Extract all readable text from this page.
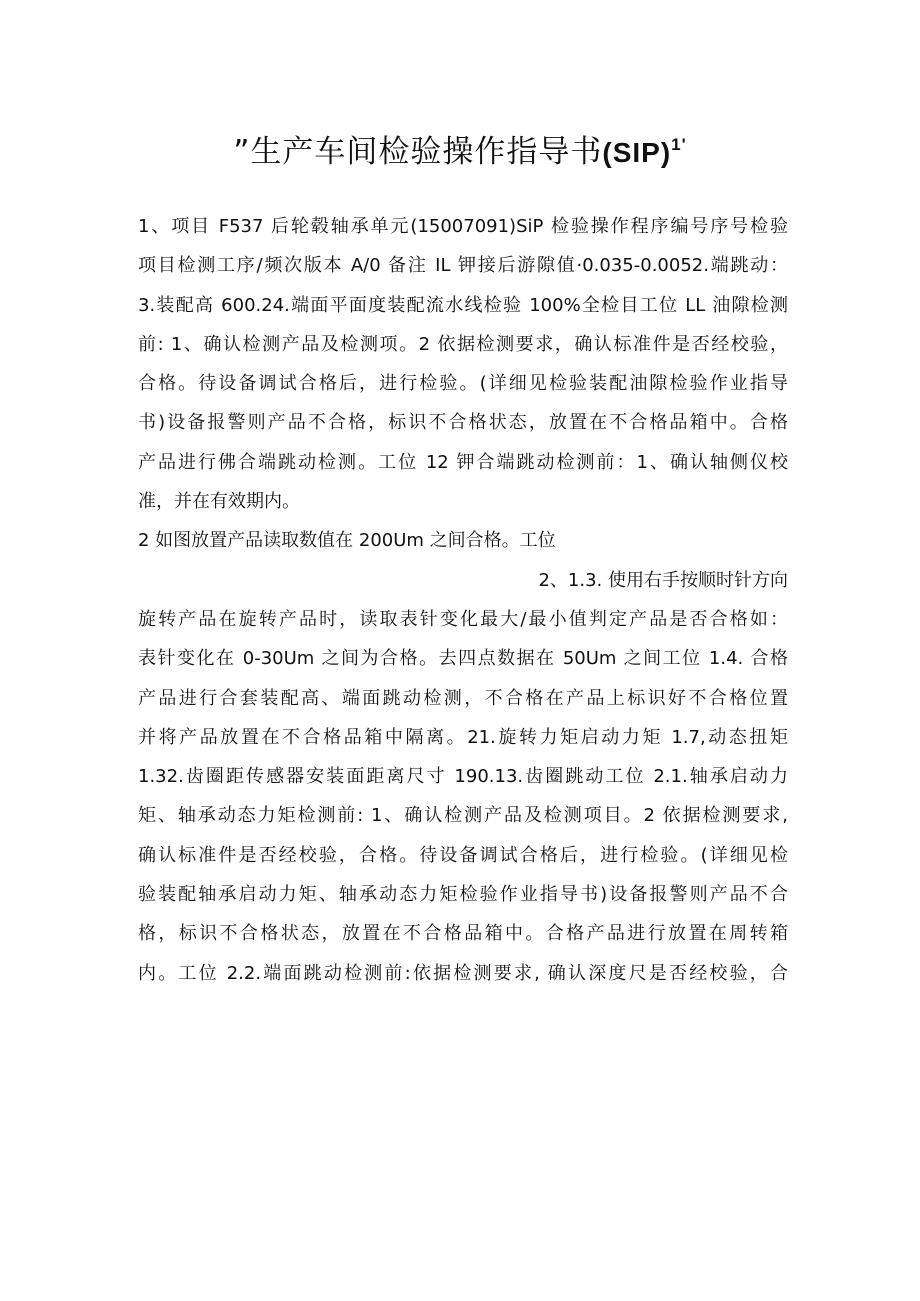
”生产车间检验操作指导书(SIP)$^{1'}$
1、项目 F537 后轮毂轴承单元(15007091)SiP 检验操作程序编号序号检验
项目检测工序/频次版本 A/0 备注 IL 钾接后游隙值·0.035-0.0052.端跳动：
3.装配高 600.24.端面平面度装配流水线检验 100%全检目工位 LL 油隙检测
前: 1、确认检测产品及检测项。2 依据检测要求，确认标准件是否经校验，
合格。待设备调试合格后，进行检验。(详细见检验装配油隙检验作业指导
书)设备报警则产品不合格，标识不合格状态，放置在不合格品箱中。合格
产品进行佛合端跳动检测。工位 12 钾合端跳动检测前：1、确认轴侧仪校
准，并在有效期内。
2 如图放置产品读取数值在 200Um 之间合格。工位
2、1.3. 使用右手按顺时针方向
旋转产品在旋转产品时，读取表针变化最大/最小值判定产品是否合格如：
表针变化在 0-30Um 之间为合格。去四点数据在 50Um 之间工位 1.4. 合格
产品进行合套装配高、端面跳动检测，不合格在产品上标识好不合格位置
并将产品放置在不合格品箱中隔离。21.旋转力矩启动力矩 1.7,动态扭矩
1.32.齿圈距传感器安装面距离尺寸 190.13.齿圈跳动工位 2.1.轴承启动力
矩、轴承动态力矩检测前: 1、确认检测产品及检测项目。2 依据检测要求,
确认标准件是否经校验，合格。待设备调试合格后，进行检验。(详细见检
验装配轴承启动力矩、轴承动态力矩检验作业指导书)设备报警则产品不合
格，标识不合格状态，放置在不合格品箱中。合格产品进行放置在周转箱
内。工位 2.2.端面跳动检测前:依据检测要求, 确认深度尺是否经校验，合
